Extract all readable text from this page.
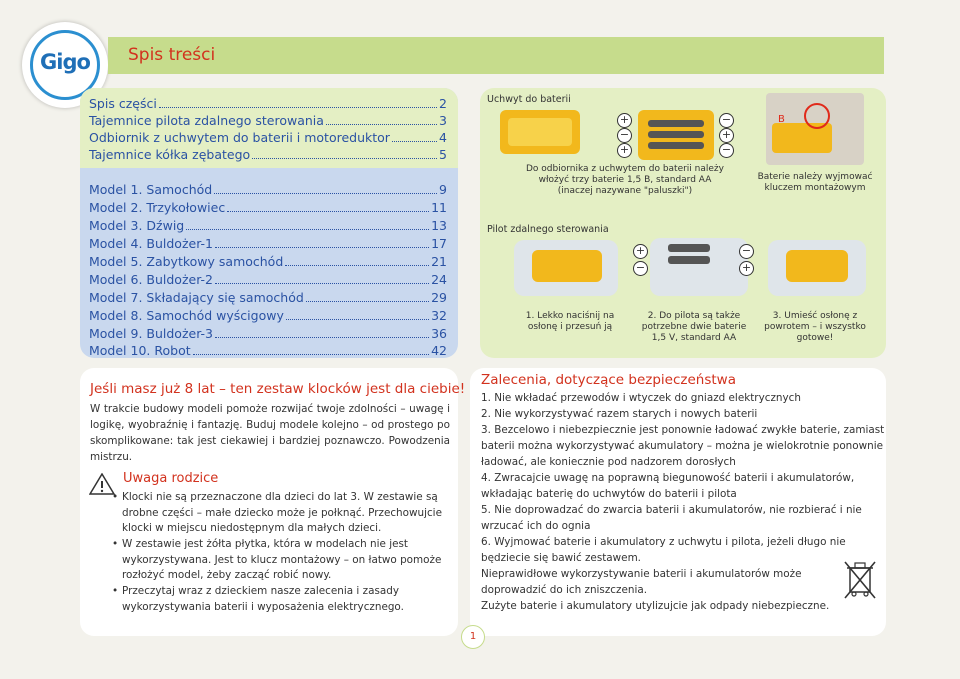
Gigo	Spis treści
Spis części	2
Tajemnice pilota zdalnego sterowania	3
Odbiornik z uchwytem do baterii i motoreduktor	4
Tajemnice kółka zębatego	5
Model 1. Samochód	9
Model 2. Trzykołowiec	11
Model 3. Dźwig	13
Model 4. Buldożer-1	17
Model 5. Zabytkowy samochód	21
Model 6. Buldożer-2	24
Model 7. Składający się samochód	29
Model 8. Samochód wyścigowy	32
Model 9. Buldożer-3	36
Model 10. Robot	42
Uchwyt do baterii
+
−
+
−
+
−
Do odbiornika z uchwytem do baterii należy włożyć trzy baterie 1,5 В, standard AA (inaczej nazywane "paluszki")
B
Baterie należy wyjmować kluczem montażowym
Pilot zdalnego sterowania
+
−
−
+
1. Lekko naciśnij na osłonę i przesuń ją
2. Do pilota są także potrzebne dwie baterie 1,5 V, standard AA
3. Umieść osłonę z powrotem – i wszystko gotowe!
Jeśli masz już 8 lat – ten zestaw klocków jest dla ciebie!
W trakcie budowy modeli pomoże rozwijać twoje zdolności – uwagę i logikę, wyobraźnię i fantazję. Buduj modele kolejno – od prostego po skomplikowane: tak jest ciekawiej i bardziej poznawczo. Powodzenia mistrzu.
Uwaga rodzice
• Klocki nie są przeznaczone dla dzieci do lat 3. W zestawie są drobne części – małe dziecko może je połknąć. Przechowujcie klocki w miejscu niedostępnym dla małych dzieci.
• W zestawie jest żółta płytka, która w modelach nie jest wykorzystywana. Jest to klucz montażowy – on łatwo pomoże rozłożyć model, żeby zacząć robić nowy.
• Przeczytaj wraz z dzieckiem nasze zalecenia i zasady wykorzystywania baterii i wyposażenia elektrycznego.
Zalecenia, dotyczące bezpieczeństwa
1. Nie wkładać przewodów i wtyczek do gniazd elektrycznych
2. Nie wykorzystywać razem starych i nowych baterii
3. Bezcelowo i niebezpiecznie jest ponownie ładować zwykłe baterie, zamiast baterii można wykorzystywać akumulatory – można je wielokrotnie ponownie ładować, ale koniecznie pod nadzorem dorosłych
4. Zwracajcie uwagę na poprawną biegunowość baterii i akumulatorów, wkładając baterię do uchwytów do baterii i pilota
5. Nie doprowadzać do zwarcia baterii i akumulatorów, nie rozbierać i nie wrzucać ich do ognia
6. Wyjmować baterie i akumulatory z uchwytu i pilota, jeżeli długo nie będziecie się bawić zestawem.
Nieprawidłowe wykorzystywanie baterii i akumulatorów może doprowadzić do ich zniszczenia.
Zużyte baterie i akumulatory utylizujcie jak odpady niebezpieczne.
1
